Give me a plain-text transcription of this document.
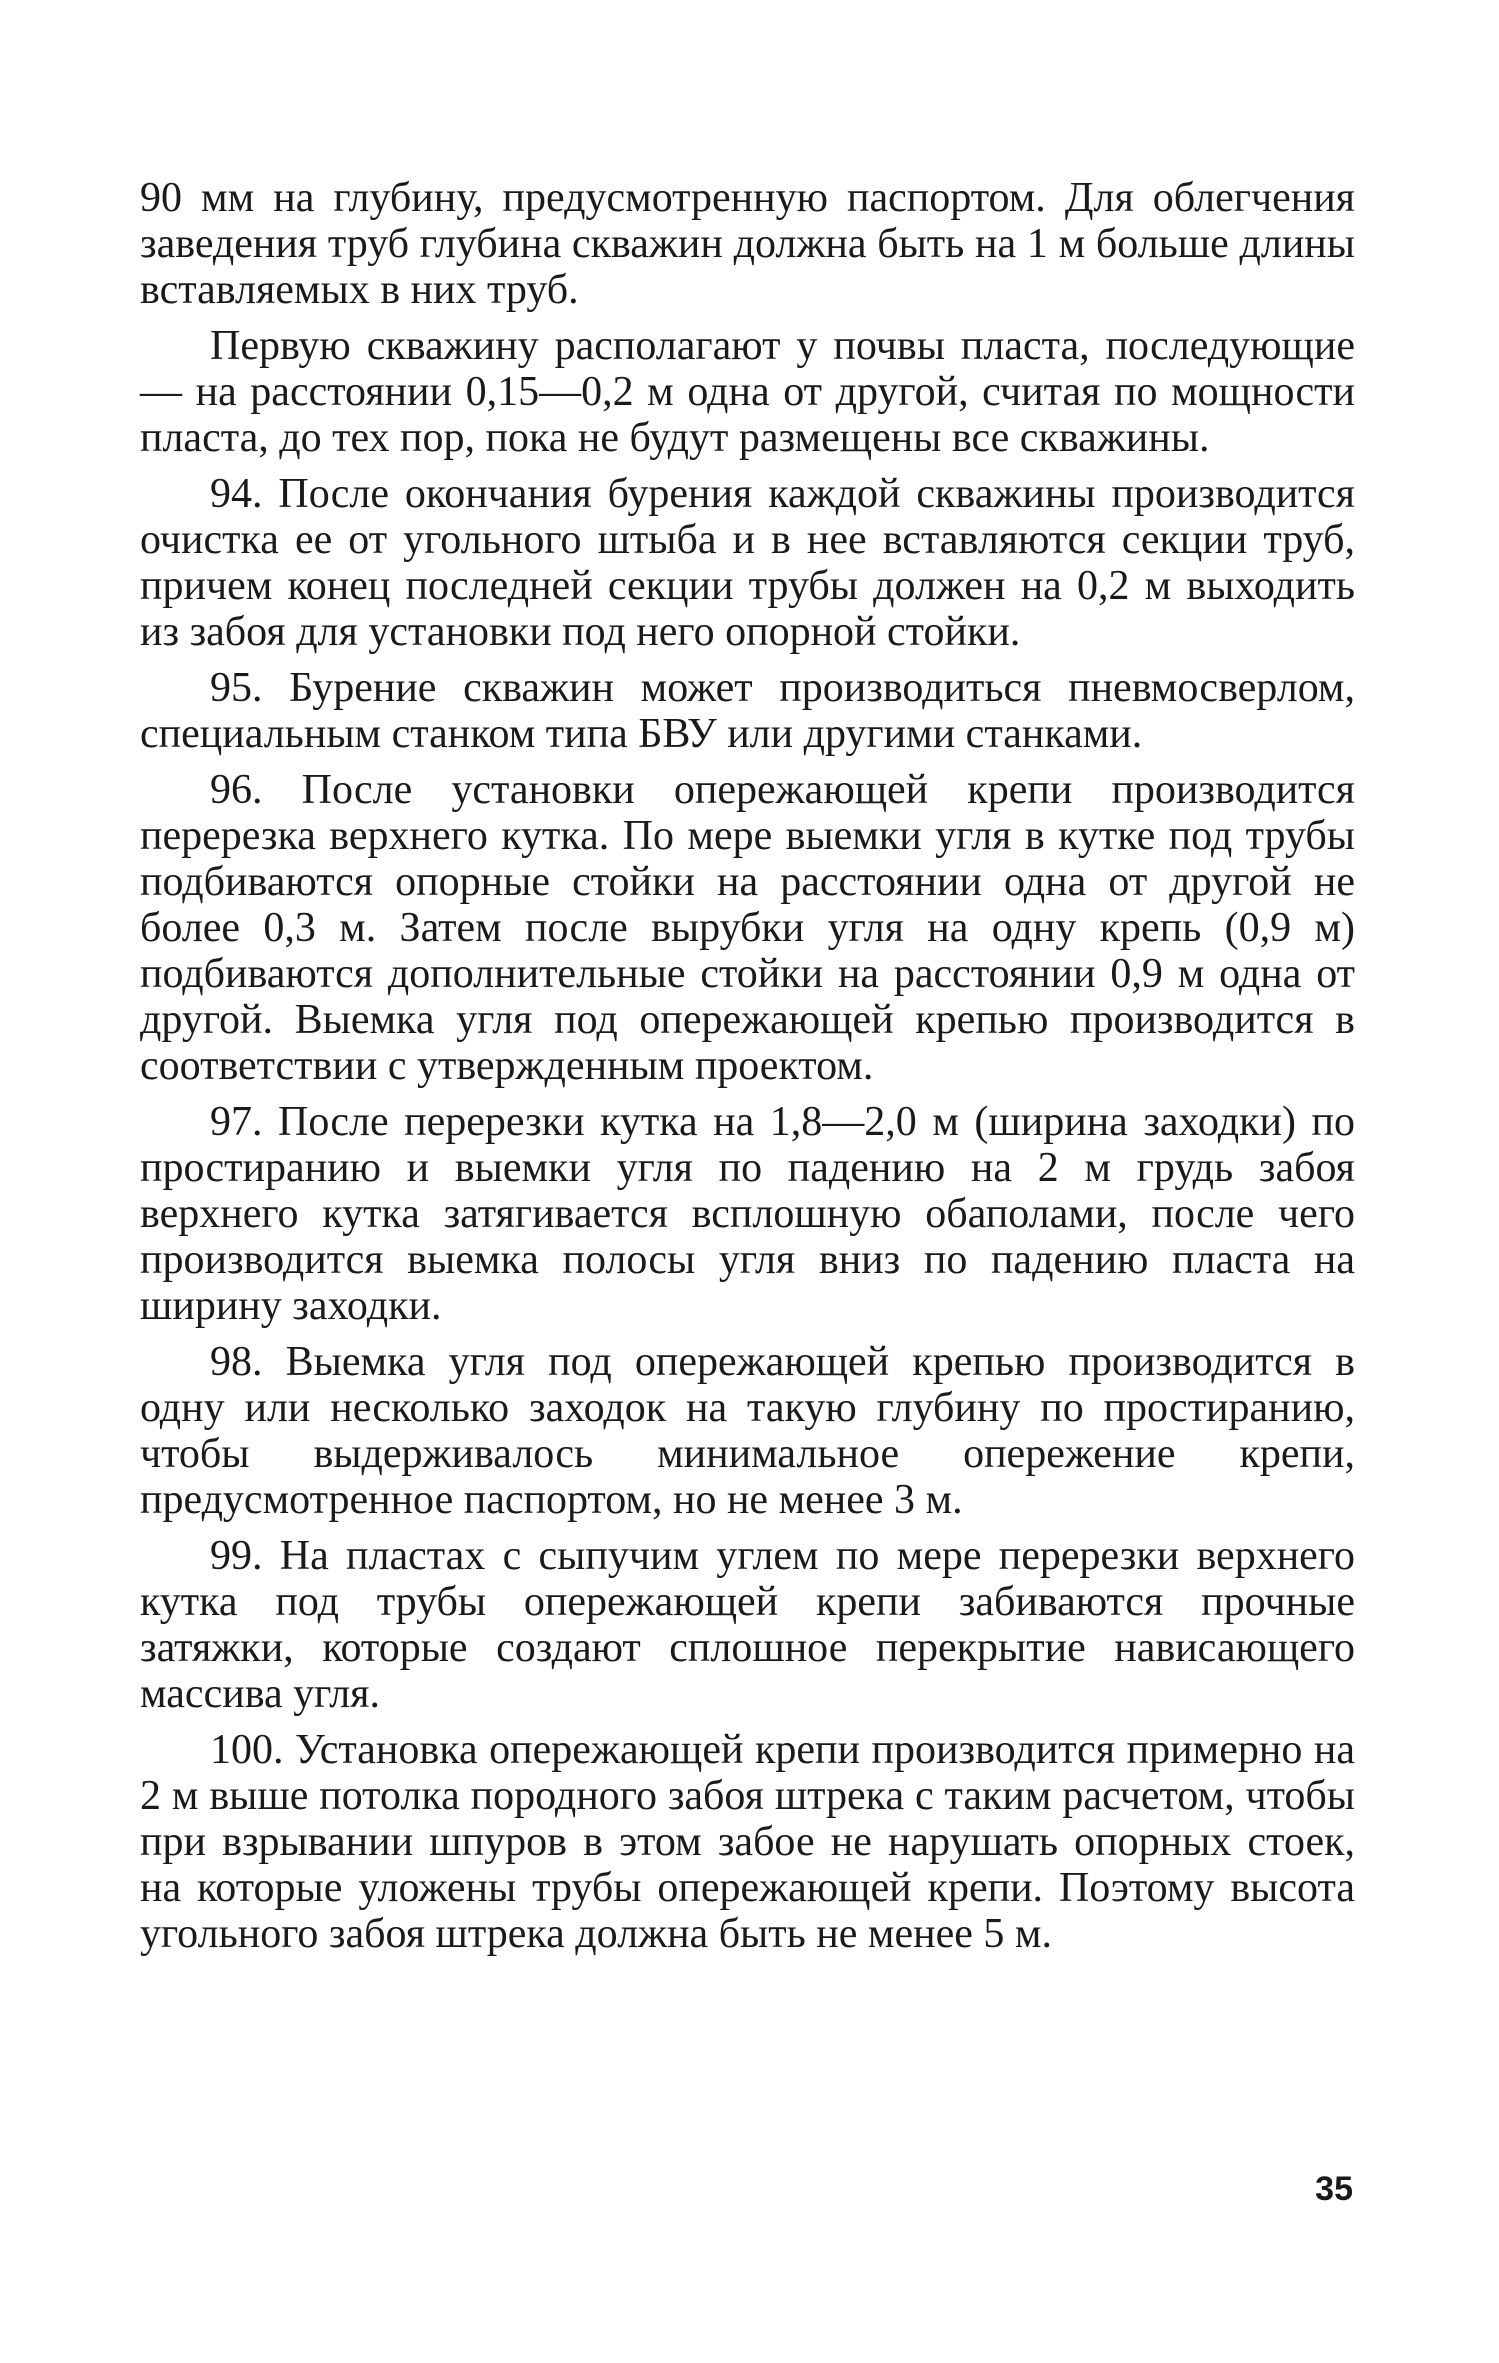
90 мм на глубину, предусмотренную паспортом. Для облегчения заведения труб глубина скважин должна быть на 1 м больше длины вставляемых в них труб.

Первую скважину располагают у почвы пласта, последующие — на расстоянии 0,15—0,2 м одна от другой, считая по мощности пласта, до тех пор, пока не будут размещены все скважины.

94. После окончания бурения каждой скважины производится очистка ее от угольного штыба и в нее вставляются секции труб, причем конец последней секции трубы должен на 0,2 м выходить из забоя для установки под него опорной стойки.

95. Бурение скважин может производиться пневмосверлом, специальным станком типа БВУ или другими станками.

96. После установки опережающей крепи производится перерезка верхнего кутка. По мере выемки угля в кутке под трубы подбиваются опорные стойки на расстоянии одна от другой не более 0,3 м. Затем после вырубки угля на одну крепь (0,9 м) подбиваются дополнительные стойки на расстоянии 0,9 м одна от другой. Выемка угля под опережающей крепью производится в соответствии с утвержденным проектом.

97. После перерезки кутка на 1,8—2,0 м (ширина заходки) по простиранию и выемки угля по падению на 2 м грудь забоя верхнего кутка затягивается всплошную обаполами, после чего производится выемка полосы угля вниз по падению пласта на ширину заходки.

98. Выемка угля под опережающей крепью производится в одну или несколько заходок на такую глубину по простиранию, чтобы выдерживалось минимальное опережение крепи, предусмотренное паспортом, но не менее 3 м.

99. На пластах с сыпучим углем по мере перерезки верхнего кутка под трубы опережающей крепи забиваются прочные затяжки, которые создают сплошное перекрытие нависающего массива угля.

100. Установка опережающей крепи производится примерно на 2 м выше потолка породного забоя штрека с таким расчетом, чтобы при взрывании шпуров в этом забое не нарушать опорных стоек, на которые уложены трубы опережающей крепи. Поэтому высота угольного забоя штрека должна быть не менее 5 м.

35
